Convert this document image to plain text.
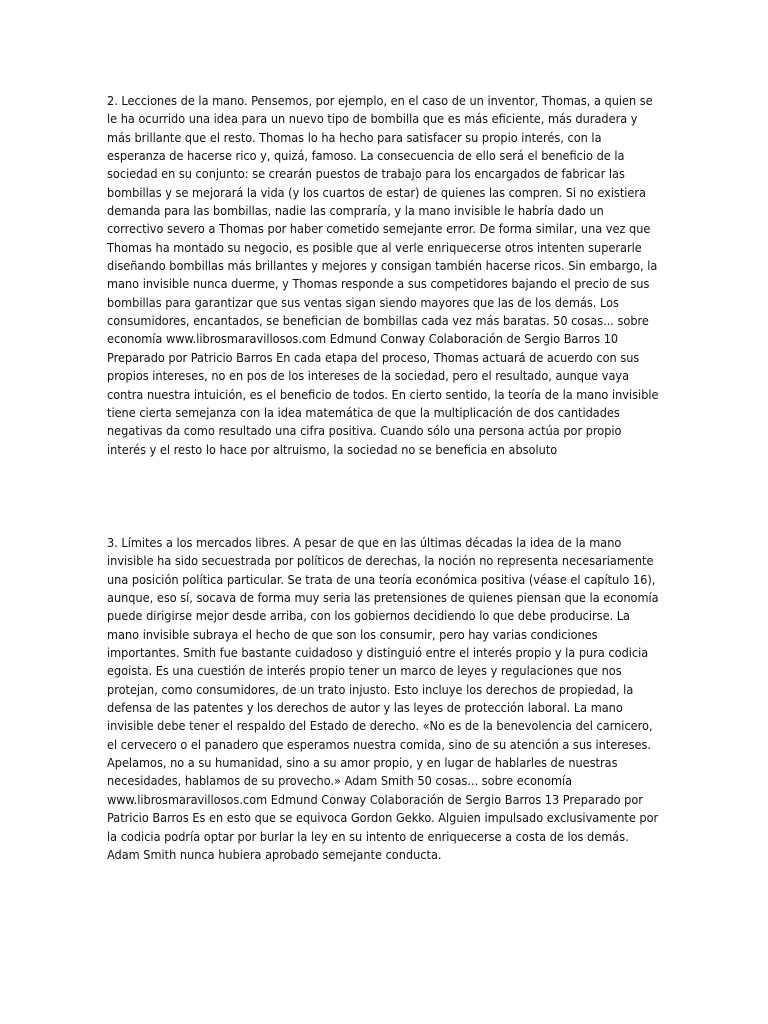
2. Lecciones de la mano. Pensemos, por ejemplo, en el caso de un inventor, Thomas, a quien se le ha ocurrido una idea para un nuevo tipo de bombilla que es más eficiente, más duradera y más brillante que el resto. Thomas lo ha hecho para satisfacer su propio interés, con la esperanza de hacerse rico y, quizá, famoso. La consecuencia de ello será el beneficio de la sociedad en su conjunto: se crearán puestos de trabajo para los encargados de fabricar las bombillas y se mejorará la vida (y los cuartos de estar) de quienes las compren. Si no existiera demanda para las bombillas, nadie las compraría, y la mano invisible le habría dado un correctivo severo a Thomas por haber cometido semejante error. De forma similar, una vez que Thomas ha montado su negocio, es posible que al verle enriquecerse otros intenten superarle diseñando bombillas más brillantes y mejores y consigan también hacerse ricos. Sin embargo, la mano invisible nunca duerme, y Thomas responde a sus competidores bajando el precio de sus bombillas para garantizar que sus ventas sigan siendo mayores que las de los demás. Los consumidores, encantados, se benefician de bombillas cada vez más baratas. 50 cosas... sobre economía www.librosmaravillosos.com Edmund Conway Colaboración de Sergio Barros 10 Preparado por Patricio Barros En cada etapa del proceso, Thomas actuará de acuerdo con sus propios intereses, no en pos de los intereses de la sociedad, pero el resultado, aunque vaya contra nuestra intuición, es el beneficio de todos. En cierto sentido, la teoría de la mano invisible tiene cierta semejanza con la idea matemática de que la multiplicación de dos cantidades negativas da como resultado una cifra positiva. Cuando sólo una persona actúa por propio interés y el resto lo hace por altruismo, la sociedad no se beneficia en absoluto

3. Límites a los mercados libres. A pesar de que en las últimas décadas la idea de la mano invisible ha sido secuestrada por políticos de derechas, la noción no representa necesariamente una posición política particular. Se trata de una teoría económica positiva (véase el capítulo 16), aunque, eso sí, socava de forma muy seria las pretensiones de quienes piensan que la economía puede dirigirse mejor desde arriba, con los gobiernos decidiendo lo que debe producirse. La mano invisible subraya el hecho de que son los consumir, pero hay varias condiciones importantes. Smith fue bastante cuidadoso y distinguió entre el interés propio y la pura codicia egoista. Es una cuestión de interés propio tener un marco de leyes y regulaciones que nos protejan, como consumidores, de un trato injusto. Esto incluye los derechos de propiedad, la defensa de las patentes y los derechos de autor y las leyes de protección laboral. La mano invisible debe tener el respaldo del Estado de derecho. «No es de la benevolencia del carnicero, el cervecero o el panadero que esperamos nuestra comida, sino de su atención a sus intereses. Apelamos, no a su humanidad, sino a su amor propio, y en lugar de hablarles de nuestras necesidades, hablamos de su provecho.» Adam Smith 50 cosas... sobre economía www.librosmaravillosos.com Edmund Conway Colaboración de Sergio Barros 13 Preparado por Patricio Barros Es en esto que se equivoca Gordon Gekko. Alguien impulsado exclusivamente por la codicia podría optar por burlar la ley en su intento de enriquecerse a costa de los demás. Adam Smith nunca hubiera aprobado semejante conducta.
